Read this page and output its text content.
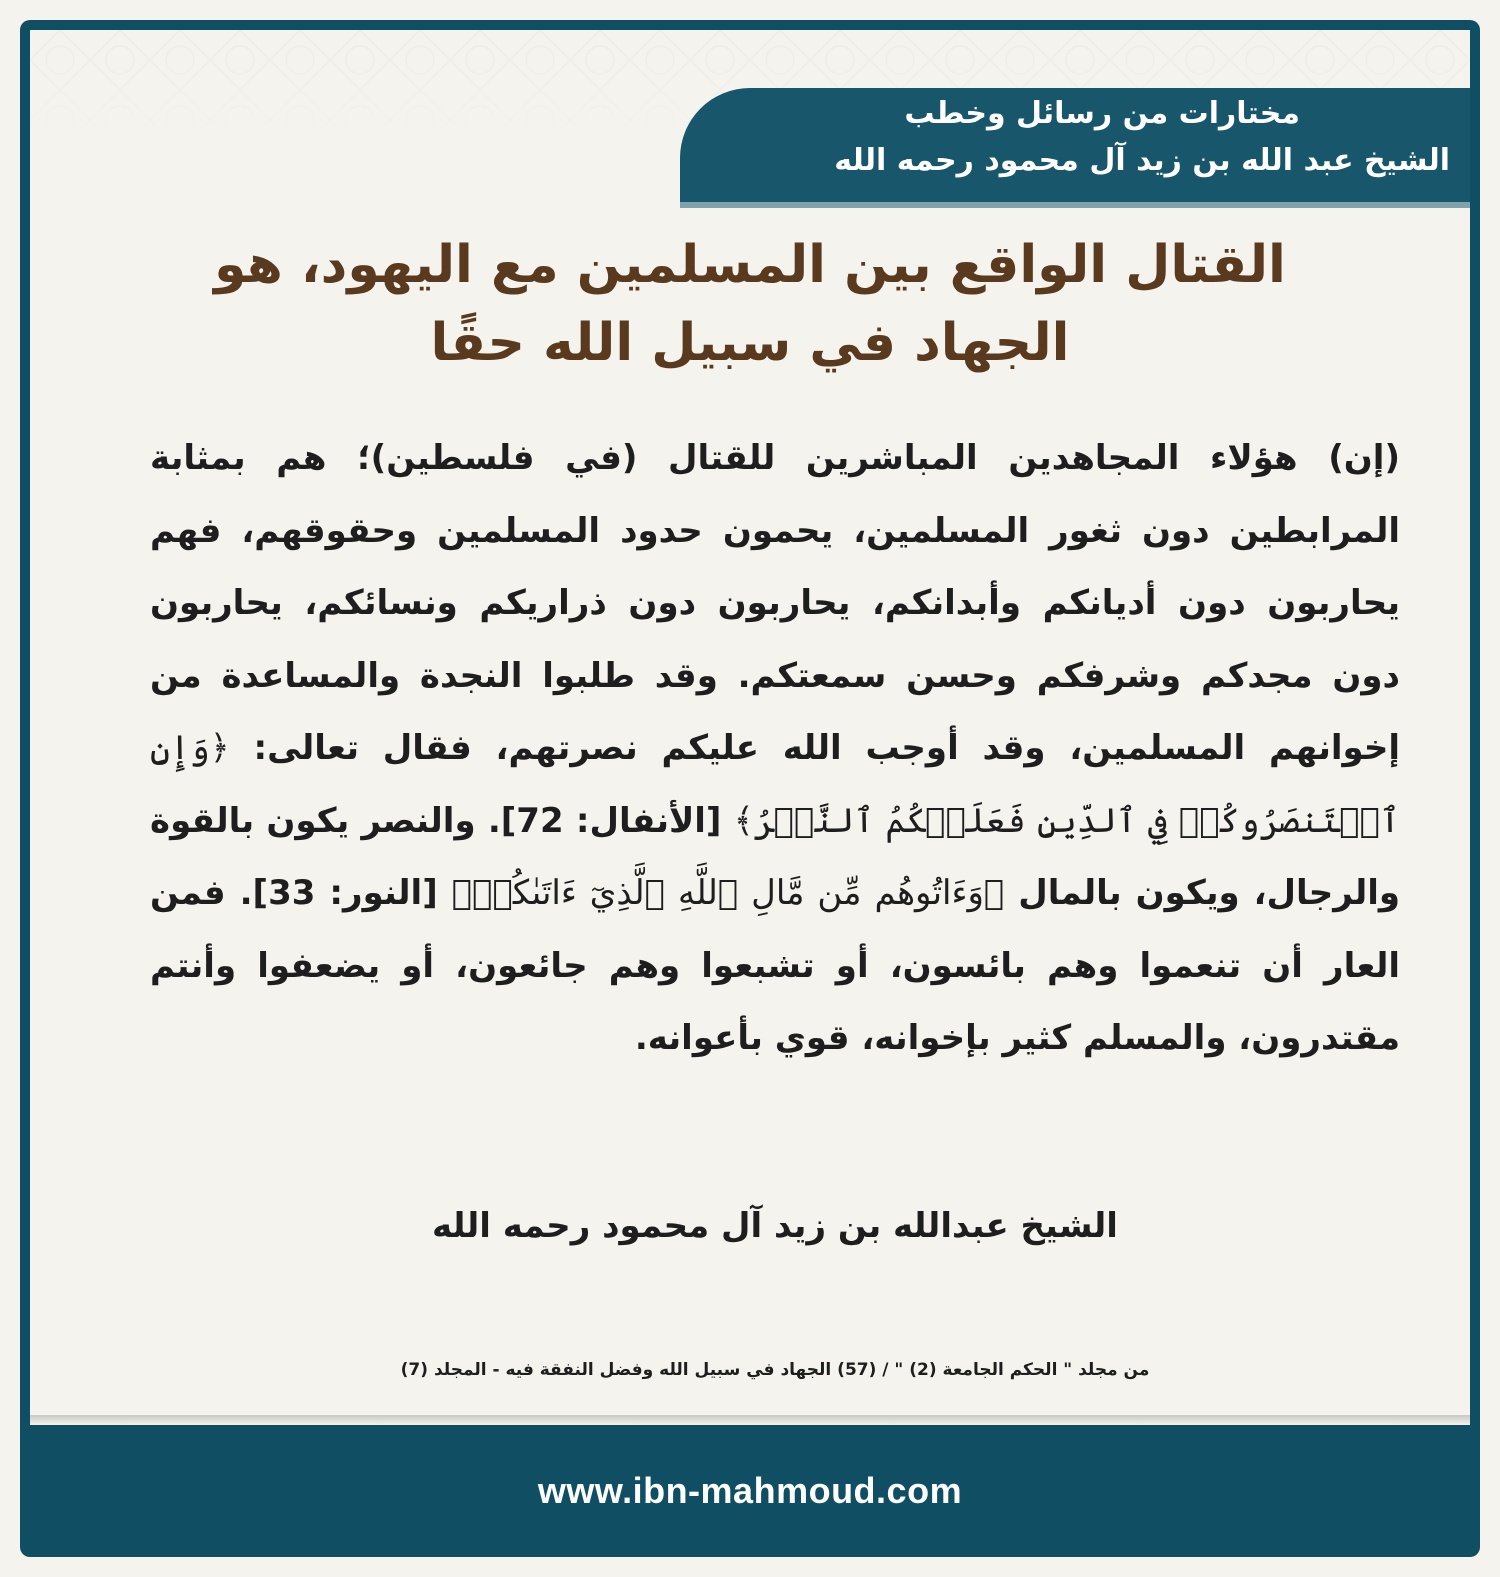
مختارات من رسائل وخطب
الشيخ عبد الله بن زيد آل محمود رحمه الله
القتال الواقع بين المسلمين مع اليهود، هو
الجهاد في سبيل الله حقًا
(إن) هؤلاء المجاهدين المباشرين للقتال (في فلسطين)؛ هم بمثابة المرابطين دون ثغور المسلمين، يحمون حدود المسلمين وحقوقهم، فهم يحاربون دون أديانكم وأبدانكم، يحاربون دون ذراريكم ونسائكم، يحاربون دون مجدكم وشرفكم وحسن سمعتكم. وقد طلبوا النجدة والمساعدة من إخوانهم المسلمين، وقد أوجب الله عليكم نصرتهم، فقال تعالى: ﴿وَإِنِ ٱسۡتَنصَرُوكُمۡ فِي ٱلدِّينِ فَعَلَيۡكُمُ ٱلنَّصۡرُ﴾ [الأنفال: 72]. والنصر يكون بالقوة والرجال، ويكون بالمال ﴿وَءَاتُوهُم مِّن مَّالِ ٱللَّهِ ٱلَّذِيٓ ءَاتَىٰكُمۡ﴾ [النور: 33]. فمن العار أن تنعموا وهم بائسون، أو تشبعوا وهم جائعون، أو يضعفوا وأنتم مقتدرون، والمسلم كثير بإخوانه، قوي بأعوانه.
الشيخ عبدالله بن زيد آل محمود رحمه الله
من مجلد " الحكم الجامعة (2) " / (57) الجهاد في سبيل الله وفضل النفقة فيه - المجلد (7)
www.ibn-mahmoud.com
